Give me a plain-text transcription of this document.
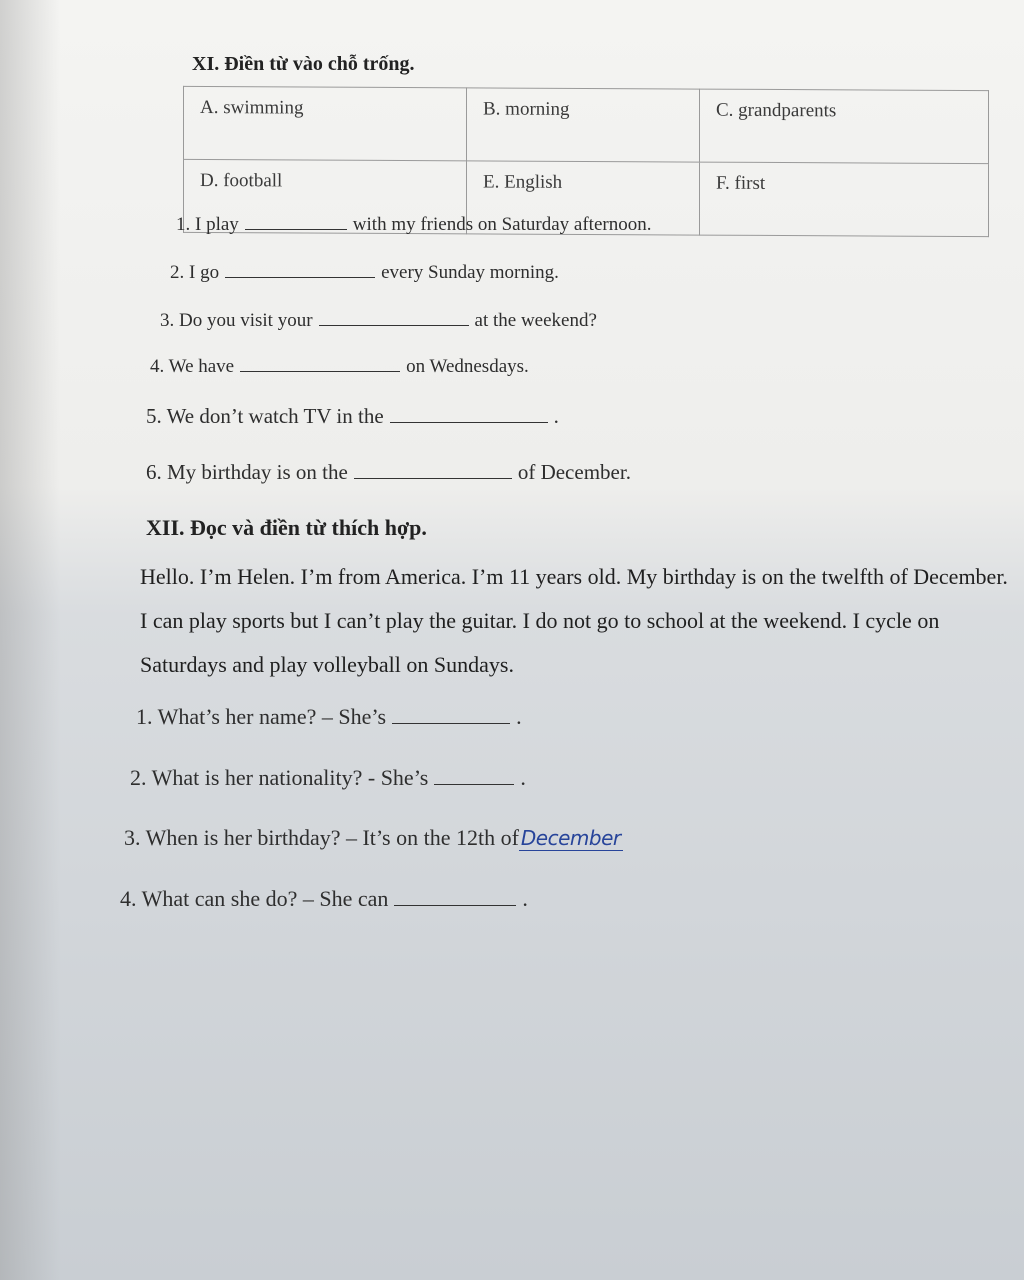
XI. Điền từ vào chỗ trống.
A. swimming	B. morning	C. grandparents
D. football	E. English	F. first
1. I play	with my friends on Saturday afternoon.
2. I go	every Sunday morning.
3. Do you visit your	at the weekend?
4. We have	on Wednesdays.
5. We don’t watch TV in the	.
6. My birthday is on the	of December.
XII. Đọc và điền từ thích hợp.
Hello. I’m Helen. I’m from America. I’m 11 years old. My birthday is on the twelfth of December. I can play sports but I can’t play the guitar. I do not go to school at the weekend. I cycle on Saturdays and play volleyball on Sundays.
1. What’s her name? – She’s	.
2. What is her nationality? - She’s	.
3. When is her birthday? – It’s on the 12th of December
4. What can she do? – She can	.
